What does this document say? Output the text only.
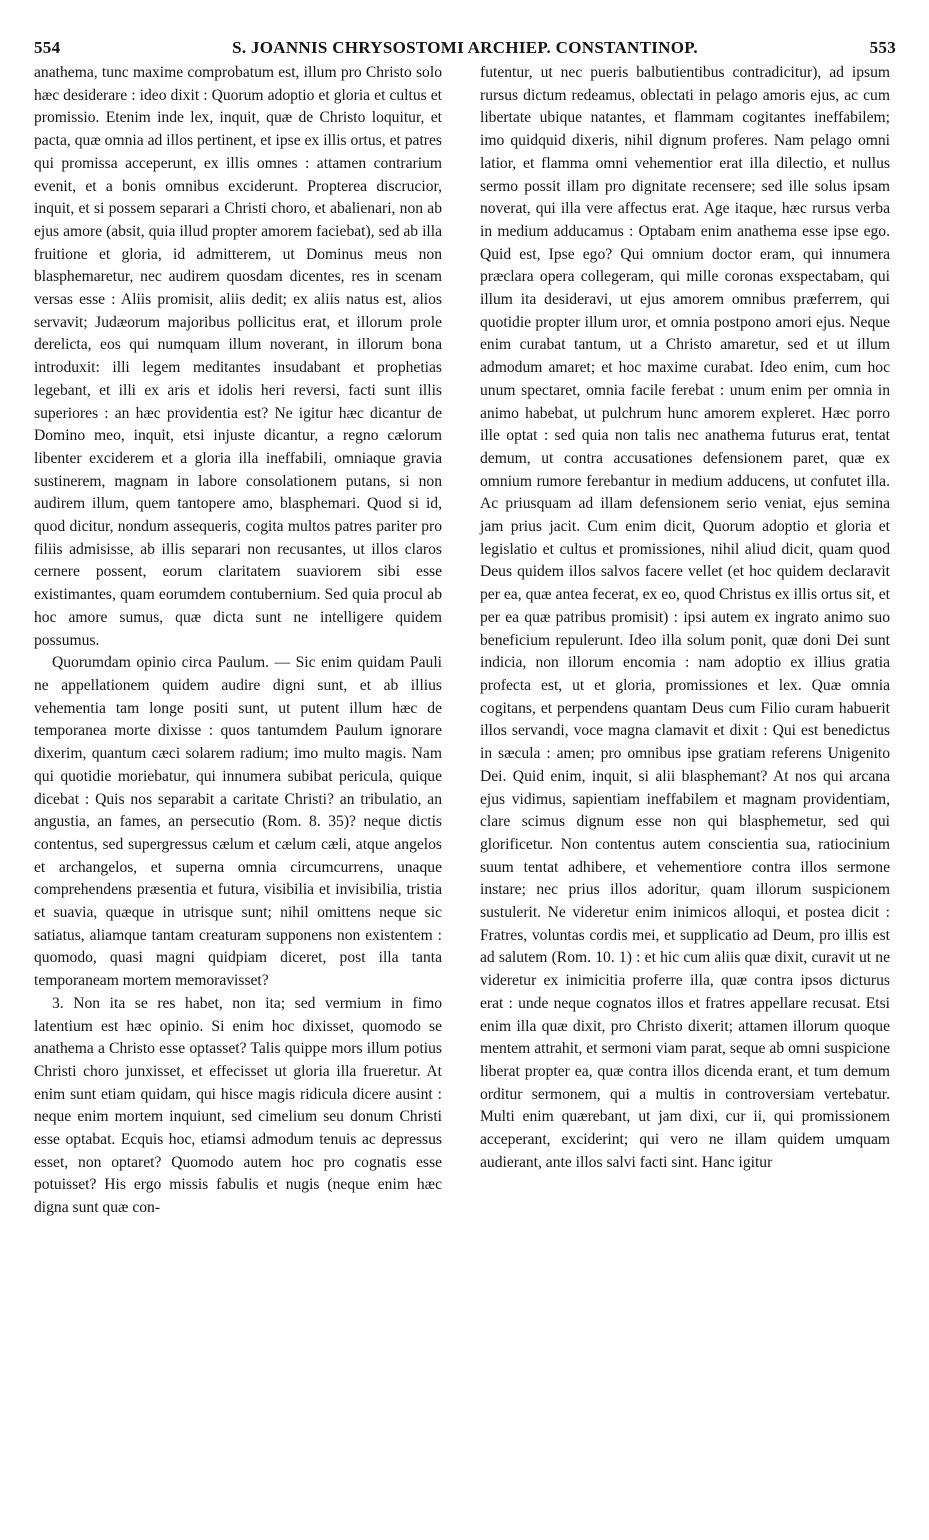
554	S. JOANNIS CHRYSOSTOMI ARCHIEP. CONSTANTINOP.	553

anathema, tunc maxime comprobatum est, illum pro Christo solo hæc desiderare : ideo dixit : Quorum adoptio et gloria et cultus et promissio. Etenim inde lex, inquit, quæ de Christo loquitur, et pacta, quæ omnia ad illos pertinent, et ipse ex illis ortus, et patres qui promissa acceperunt, ex illis omnes : attamen contrarium evenit, et a bonis omnibus exciderunt. Propterea discrucior, inquit, et si possem separari a Christi choro, et abalienari, non ab ejus amore (absit, quia illud propter amorem faciebat), sed ab illa fruitione et gloria, id admitterem, ut Dominus meus non blasphemaretur, nec audirem quosdam dicentes, res in scenam versas esse : Aliis promisit, aliis dedit; ex aliis natus est, alios servavit; Judæorum majoribus pollicitus erat, et illorum prole derelicta, eos qui numquam illum noverant, in illorum bona introduxit: illi legem meditantes insudabant et prophetias legebant, et illi ex aris et idolis heri reversi, facti sunt illis superiores : an hæc providentia est? Ne igitur hæc dicantur de Domino meo, inquit, etsi injuste dicantur, a regno cælorum libenter exciderem et a gloria illa ineffabili, omniaque gravia sustinerem, magnam in labore consolationem putans, si non audirem illum, quem tantopere amo, blasphemari. Quod si id, quod dicitur, nondum assequeris, cogita multos patres pariter pro filiis admisisse, ab illis separari non recusantes, ut illos claros cernere possent, eorum claritatem suaviorem sibi esse existimantes, quam eorumdem contubernium. Sed quia procul ab hoc amore sumus, quæ dicta sunt ne intelligere quidem possumus.

Quorumdam opinio circa Paulum. — Sic enim quidam Pauli ne appellationem quidem audire digni sunt, et ab illius vehementia tam longe positi sunt, ut putent illum hæc de temporanea morte dixisse : quos tantumdem Paulum ignorare dixerim, quantum cæci solarem radium; imo multo magis. Nam qui quotidie moriebatur, qui innumera subibat pericula, quique dicebat : Quis nos separabit a caritate Christi? an tribulatio, an angustia, an fames, an persecutio (Rom. 8. 35)? neque dictis contentus, sed supergressus cælum et cælum cæli, atque angelos et archangelos, et superna omnia circumcurrens, unaque comprehendens præsentia et futura, visibilia et invisibilia, tristia et suavia, quæque in utrisque sunt; nihil omittens neque sic satiatus, aliamque tantam creaturam supponens non existentem : quomodo, quasi magni quidpiam diceret, post illa tanta temporaneam mortem memoravisset?

3. Non ita se res habet, non ita; sed vermium in fimo latentium est hæc opinio. Si enim hoc dixisset, quomodo se anathema a Christo esse optasset? Talis quippe mors illum potius Christi choro junxisset, et effecisset ut gloria illa frueretur. At enim sunt etiam quidam, qui hisce magis ridicula dicere ausint : neque enim mortem inquiunt, sed cimelium seu donum Christi esse optabat. Ecquis hoc, etiamsi admodum tenuis ac depressus esset, non optaret? Quomodo autem hoc pro cognatis esse potuisset? His ergo missis fabulis et nugis (neque enim hæc digna sunt quæ con-

futentur, ut nec pueris balbutientibus contradicitur), ad ipsum rursus dictum redeamus, oblectati in pelago amoris ejus, ac cum libertate ubique natantes, et flammam cogitantes ineffabilem; imo quidquid dixeris, nihil dignum proferes. Nam pelago omni latior, et flamma omni vehementior erat illa dilectio, et nullus sermo possit illam pro dignitate recensere; sed ille solus ipsam noverat, qui illa vere affectus erat. Age itaque, hæc rursus verba in medium adducamus : Optabam enim anathema esse ipse ego. Quid est, Ipse ego? Qui omnium doctor eram, qui innumera præclara opera collegeram, qui mille coronas exspectabam, qui illum ita desideravi, ut ejus amorem omnibus præferrem, qui quotidie propter illum uror, et omnia postpono amori ejus. Neque enim curabat tantum, ut a Christo amaretur, sed et ut illum admodum amaret; et hoc maxime curabat. Ideo enim, cum hoc unum spectaret, omnia facile ferebat : unum enim per omnia in animo habebat, ut pulchrum hunc amorem expleret. Hæc porro ille optat : sed quia non talis nec anathema futurus erat, tentat demum, ut contra accusationes defensionem paret, quæ ex omnium rumore ferebantur in medium adducens, ut confutet illa. Ac priusquam ad illam defensionem serio veniat, ejus semina jam prius jacit. Cum enim dicit, Quorum adoptio et gloria et legislatio et cultus et promissiones, nihil aliud dicit, quam quod Deus quidem illos salvos facere vellet (et hoc quidem declaravit per ea, quæ antea fecerat, ex eo, quod Christus ex illis ortus sit, et per ea quæ patribus promisit) : ipsi autem ex ingrato animo suo beneficium repulerunt. Ideo illa solum ponit, quæ doni Dei sunt indicia, non illorum encomia : nam adoptio ex illius gratia profecta est, ut et gloria, promissiones et lex. Quæ omnia cogitans, et perpendens quantam Deus cum Filio curam habuerit illos servandi, voce magna clamavit et dixit : Qui est benedictus in sæcula : amen; pro omnibus ipse gratiam referens Unigenito Dei. Quid enim, inquit, si alii blasphemant? At nos qui arcana ejus vidimus, sapientiam ineffabilem et magnam providentiam, clare scimus dignum esse non qui blasphemetur, sed qui glorificetur. Non contentus autem conscientia sua, ratiocinium suum tentat adhibere, et vehementiore contra illos sermone instare; nec prius illos adoritur, quam illorum suspicionem sustulerit. Ne videretur enim inimicos alloqui, et postea dicit : Fratres, voluntas cordis mei, et supplicatio ad Deum, pro illis est ad salutem (Rom. 10. 1) : et hic cum aliis quæ dixit, curavit ut ne videretur ex inimicitia proferre illa, quæ contra ipsos dicturus erat : unde neque cognatos illos et fratres appellare recusat. Etsi enim illa quæ dixit, pro Christo dixerit; attamen illorum quoque mentem attrahit, et sermoni viam parat, seque ab omni suspicione liberat propter ea, quæ contra illos dicenda erant, et tum demum orditur sermonem, qui a multis in controversiam vertebatur. Multi enim quærebant, ut jam dixi, cur ii, qui promissionem acceperant, exciderint; qui vero ne illam quidem umquam audierant, ante illos salvi facti sint. Hanc igitur
